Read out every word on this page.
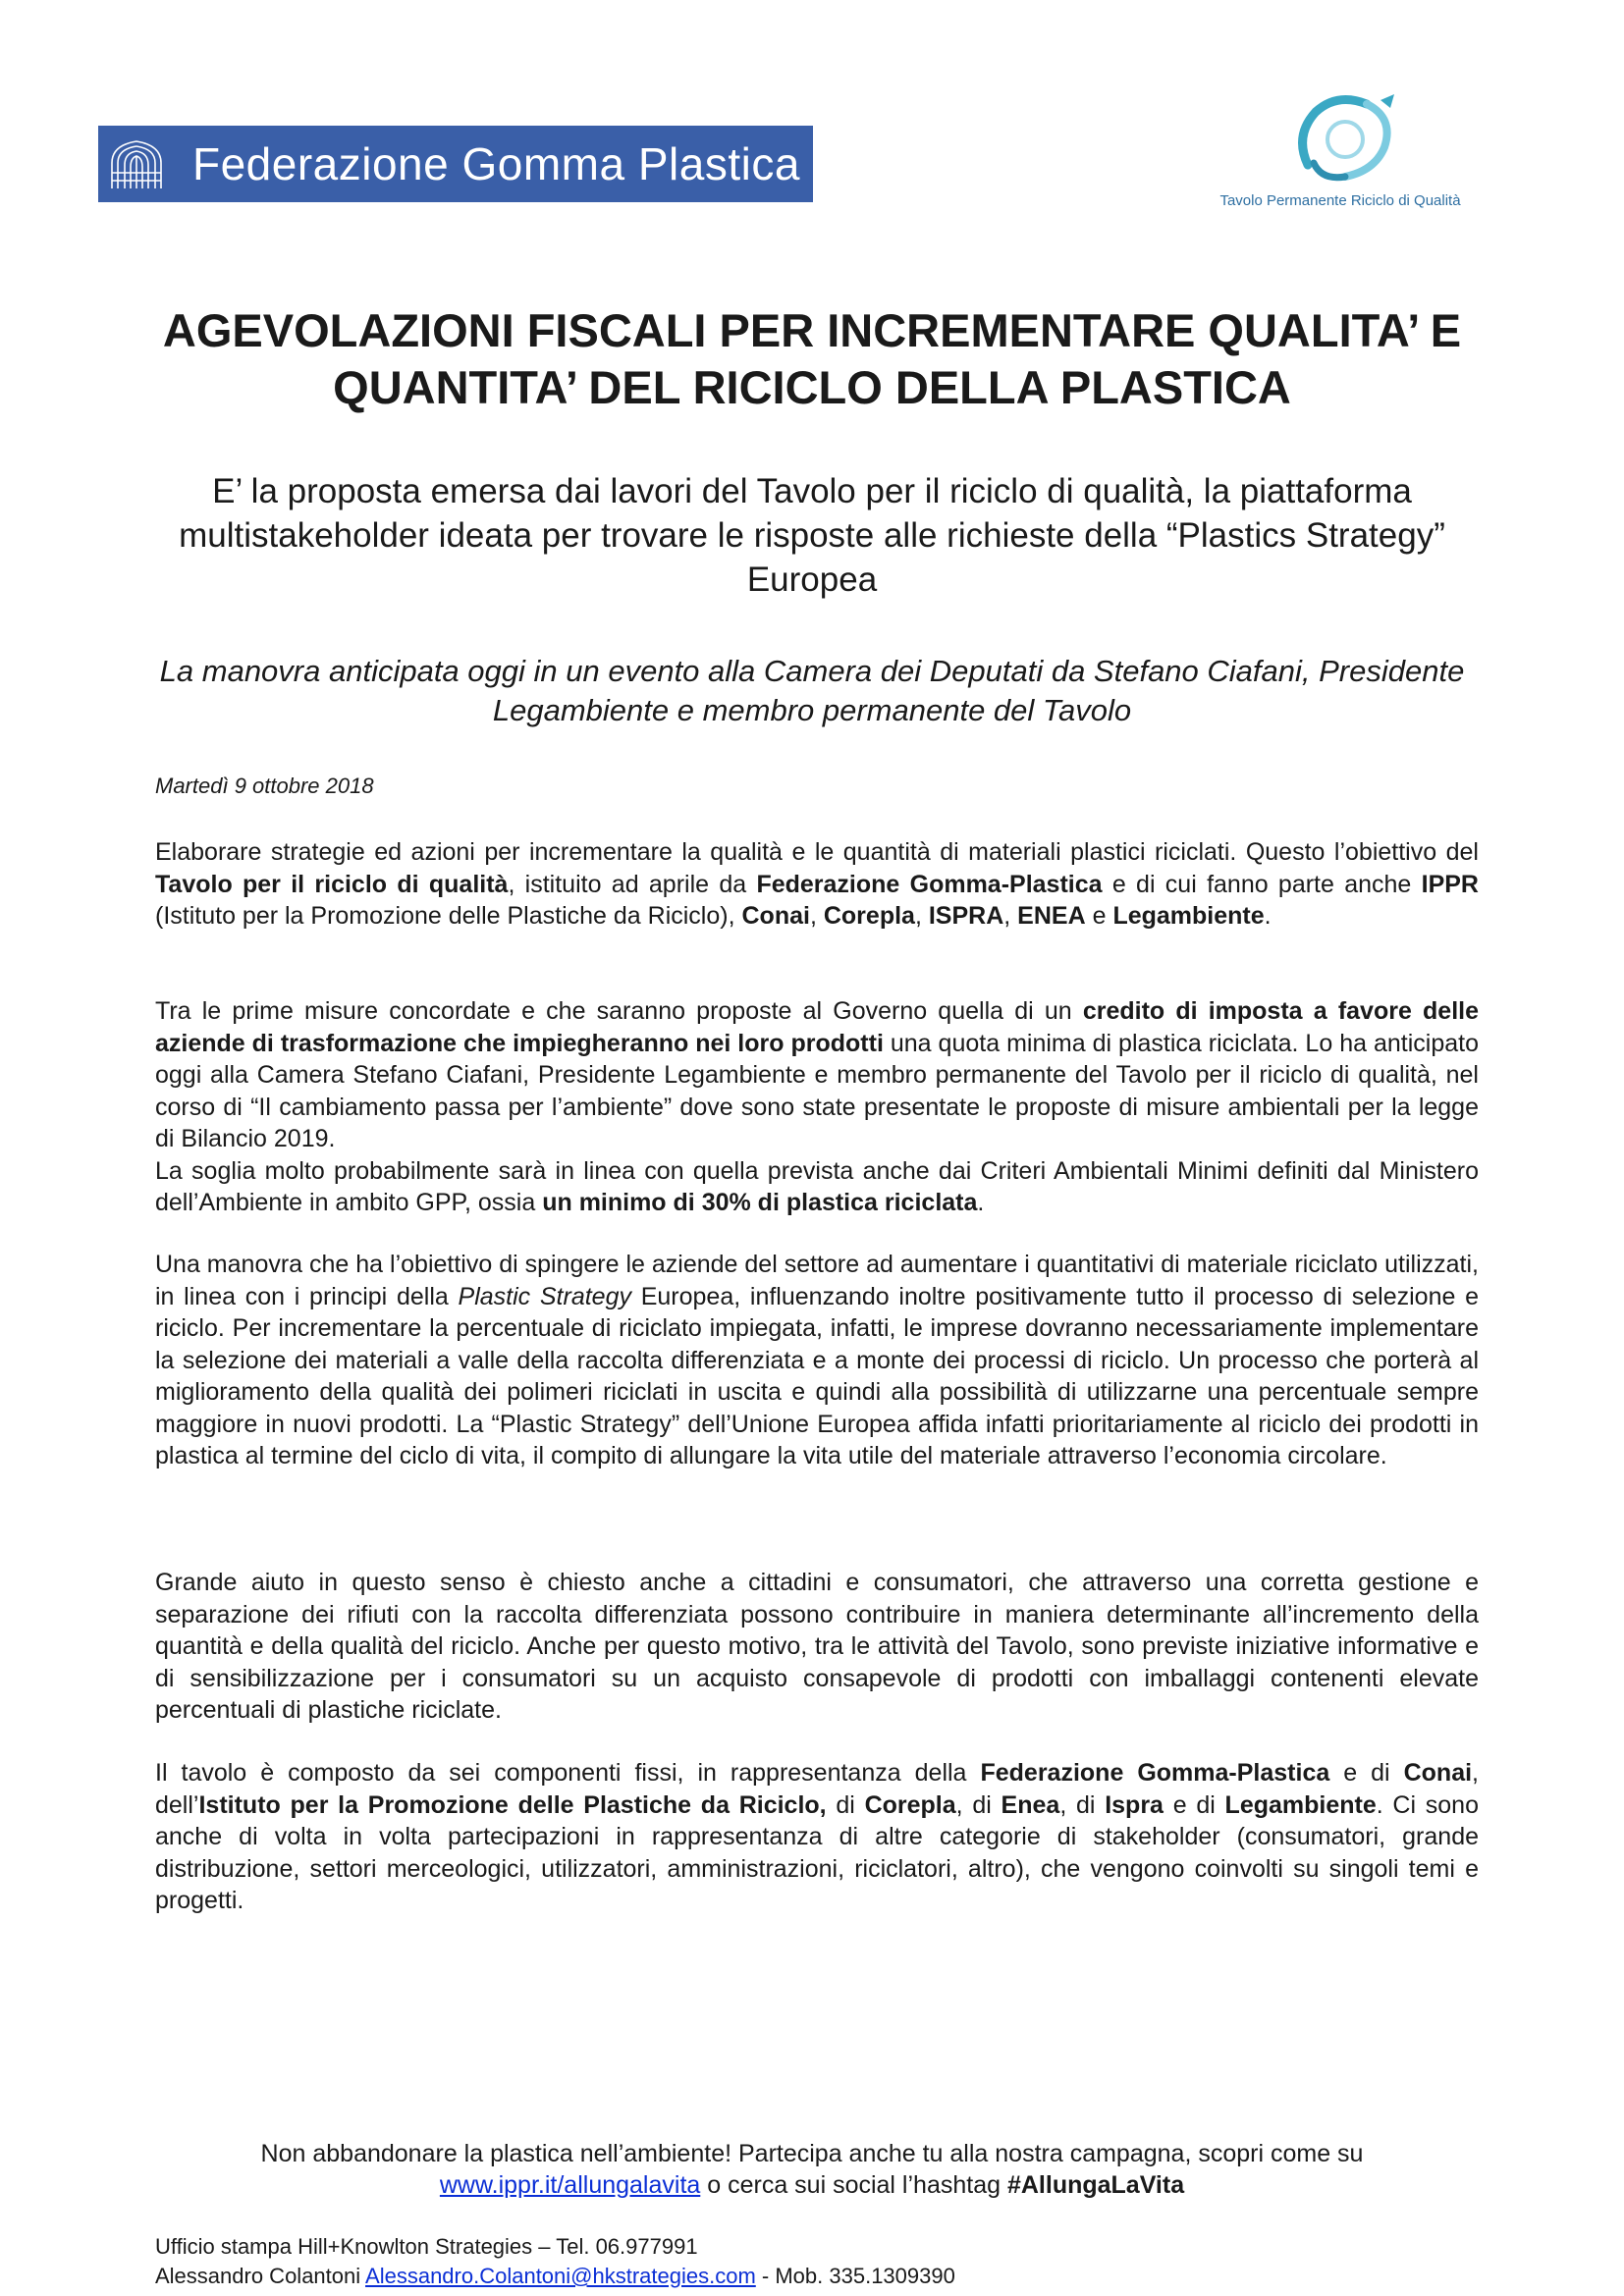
Federazione Gomma Plastica
Tavolo Permanente Riciclo di Qualità
AGEVOLAZIONI FISCALI PER INCREMENTARE QUALITA’ E QUANTITA’ DEL RICICLO DELLA PLASTICA
E’ la proposta emersa dai lavori del Tavolo per il riciclo di qualità, la piattaforma multistakeholder ideata per trovare le risposte alle richieste della “Plastics Strategy” Europea
La manovra anticipata oggi in un evento alla Camera dei Deputati da Stefano Ciafani, Presidente Legambiente e membro permanente del Tavolo
Martedì 9 ottobre 2018
Elaborare strategie ed azioni per incrementare la qualità e le quantità di materiali plastici riciclati. Questo l’obiettivo del Tavolo per il riciclo di qualità, istituito ad aprile da Federazione Gomma-Plastica e di cui fanno parte anche IPPR (Istituto per la Promozione delle Plastiche da Riciclo), Conai, Corepla, ISPRA, ENEA e Legambiente.
Tra le prime misure concordate e che saranno proposte al Governo quella di un credito di imposta a favore delle aziende di trasformazione che impiegheranno nei loro prodotti una quota minima di plastica riciclata. Lo ha anticipato oggi alla Camera Stefano Ciafani, Presidente Legambiente e membro permanente del Tavolo per il riciclo di qualità, nel corso di “Il cambiamento passa per l’ambiente” dove sono state presentate le proposte di misure ambientali per la legge di Bilancio 2019.
La soglia molto probabilmente sarà in linea con quella prevista anche dai Criteri Ambientali Minimi definiti dal Ministero dell’Ambiente in ambito GPP, ossia un minimo di 30% di plastica riciclata.
Una manovra che ha l’obiettivo di spingere le aziende del settore ad aumentare i quantitativi di materiale riciclato utilizzati, in linea con i principi della Plastic Strategy Europea, influenzando inoltre positivamente tutto il processo di selezione e riciclo. Per incrementare la percentuale di riciclato impiegata, infatti, le imprese dovranno necessariamente implementare la selezione dei materiali a valle della raccolta differenziata e a monte dei processi di riciclo. Un processo che porterà al miglioramento della qualità dei polimeri riciclati in uscita e quindi alla possibilità di utilizzarne una percentuale sempre maggiore in nuovi prodotti. La “Plastic Strategy” dell’Unione Europea affida infatti prioritariamente al riciclo dei prodotti in plastica al termine del ciclo di vita, il compito di allungare la vita utile del materiale attraverso l’economia circolare.
Grande aiuto in questo senso è chiesto anche a cittadini e consumatori, che attraverso una corretta gestione e separazione dei rifiuti con la raccolta differenziata possono contribuire in maniera determinante all’incremento della quantità e della qualità del riciclo. Anche per questo motivo, tra le attività del Tavolo, sono previste iniziative informative e di sensibilizzazione per i consumatori su un acquisto consapevole di prodotti con imballaggi contenenti elevate percentuali di plastiche riciclate.
Il tavolo è composto da sei componenti fissi, in rappresentanza della Federazione Gomma-Plastica e di Conai, dell’Istituto per la Promozione delle Plastiche da Riciclo, di Corepla, di Enea, di Ispra e di Legambiente. Ci sono anche di volta in volta partecipazioni in rappresentanza di altre categorie di stakeholder (consumatori, grande distribuzione, settori merceologici, utilizzatori, amministrazioni, riciclatori, altro), che vengono coinvolti su singoli temi e progetti.
Non abbandonare la plastica nell’ambiente! Partecipa anche tu alla nostra campagna, scopri come su
www.ippr.it/allungalavita o cerca sui social l’hashtag #AllungaLaVita
Ufficio stampa Hill+Knowlton Strategies – Tel. 06.977991
Alessandro Colantoni Alessandro.Colantoni@hkstrategies.com - Mob. 335.1309390
